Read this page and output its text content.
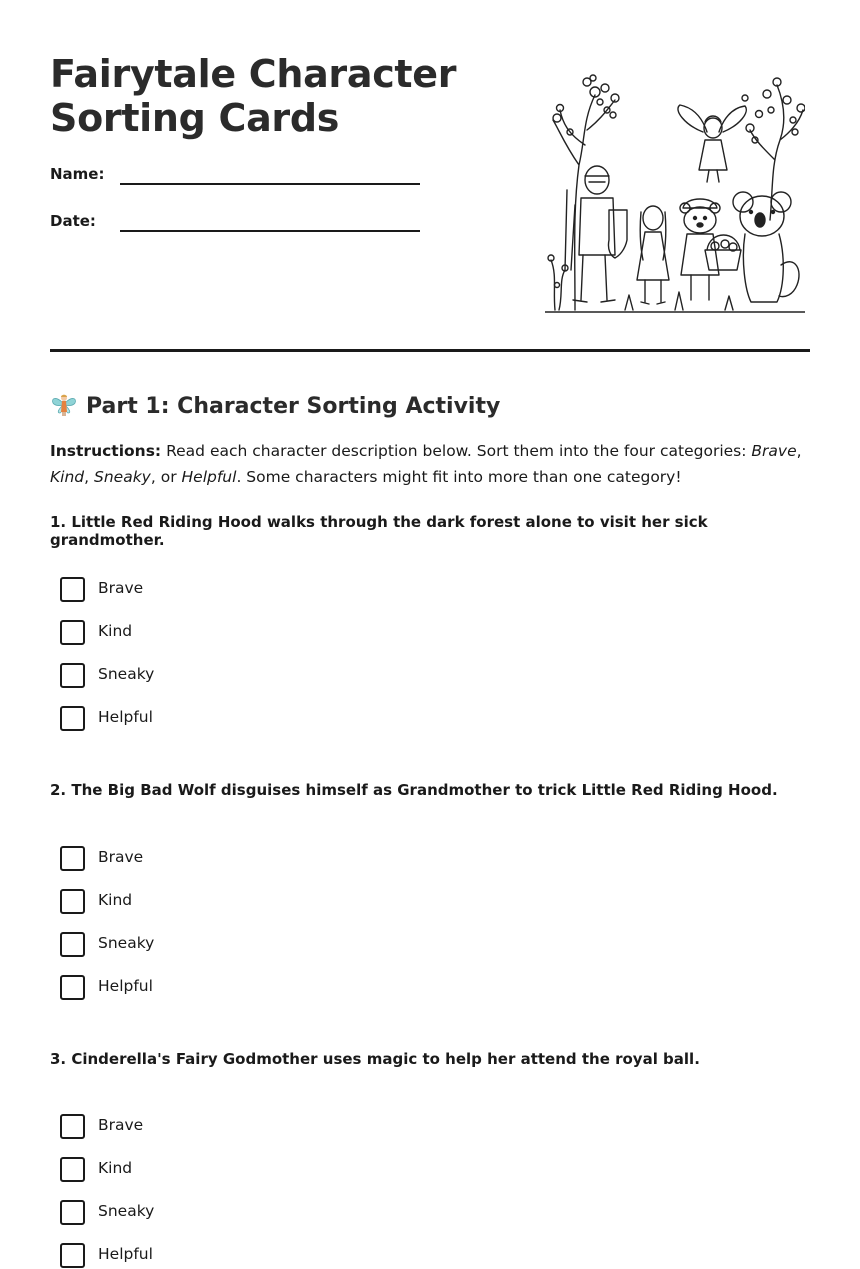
Fairytale Character
Sorting Cards
Name:
Date:
Part 1: Character Sorting Activity

Instructions: Read each character description below. Sort them into the four categories: Brave, Kind, Sneaky, or Helpful. Some characters might fit into more than one category!

1. Little Red Riding Hood walks through the dark forest alone to visit her sick grandmother.

Brave
Kind
Sneaky
Helpful

2. The Big Bad Wolf disguises himself as Grandmother to trick Little Red Riding Hood.

Brave
Kind
Sneaky
Helpful

3. Cinderella's Fairy Godmother uses magic to help her attend the royal ball.

Brave
Kind
Sneaky
Helpful
